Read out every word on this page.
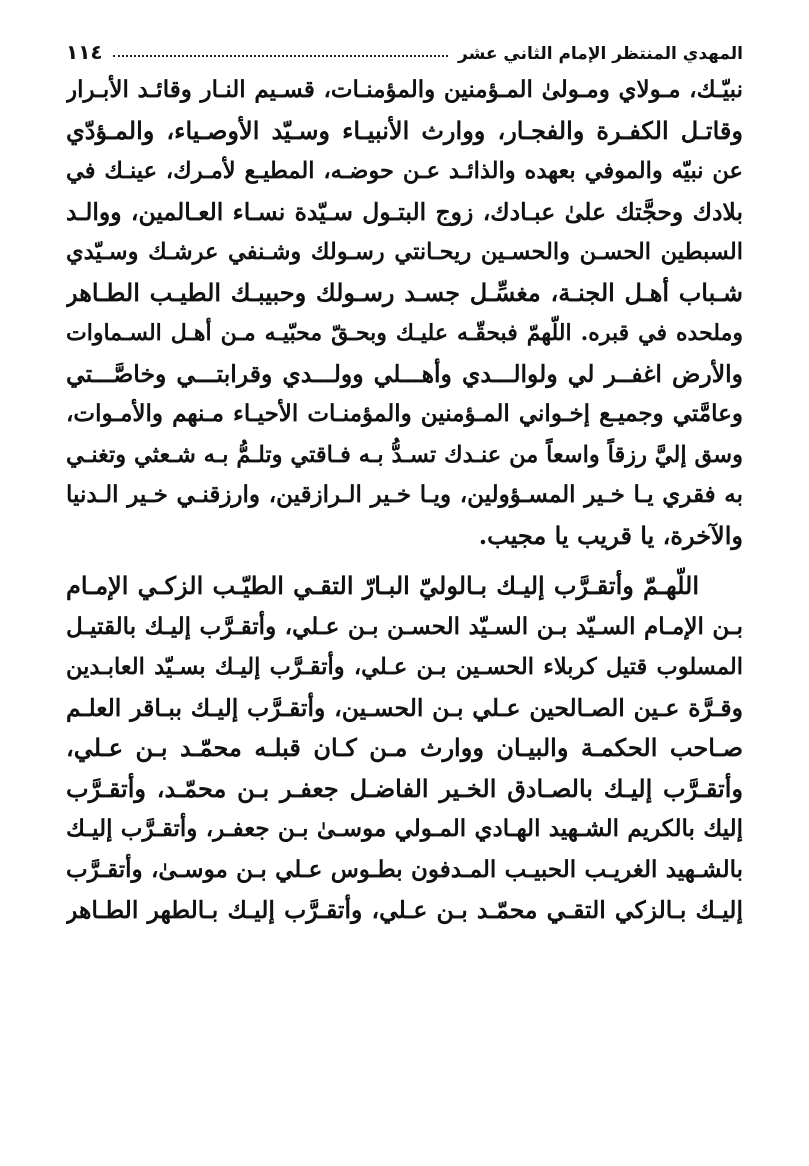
المهدي المنتظر الإمام الثاني عشر
١١٤
نبيّـك، مـولاي ومـولىٰ المـؤمنين والمؤمنـات، قسـيم النـار وقائـد الأبـرار
وقاتـل الكفـرة والفجـار، ووارث الأنبيـاء وسـيّد الأوصـياء، والمـؤدّي
عن نبيّه والموفي بعهده والذائـد عـن حوضـه، المطيـع لأمـرك، عينـك في
بلادك وحجَّتك علىٰ عبـادك، زوج البتـول سـيّدة نسـاء العـالمين، ووالـد
السبطين الحسـن والحسـين ريحـانتي رسـولك وشـنفي عرشـك وسـيّدي
شـباب أهـل الجنـة، مغسِّـل جسـد رسـولك وحبيبـك الطيـب الطـاهر
وملحده في قبره. اللّهمّ فبحقّـه عليـك وبحـقّ محبّيـه مـن أهـل السـماوات
والأرض اغفــر لي ولوالـــدي وأهـــلي وولـــدي وقرابتـــي وخاصَّـــتي
وعامَّتي وجميـع إخـواني المـؤمنين والمؤمنـات الأحيـاء مـنهم والأمـوات،
وسق إليَّ رزقاً واسعاً من عنـدك تسـدُّ بـه فـاقتي وتلـمُّ بـه شـعثي وتغنـي
به فقري يـا خـير المسـؤولين، ويـا خـير الـرازقين، وارزقنـي خـير الـدنيا
والآخرة، يا قريب يا مجيب.
اللّهـمّ وأتقـرَّب إليـك بـالوليّ البـارّ التقـي الطيّـب الزكـي الإمـام
بـن الإمـام السـيّد بـن السـيّد الحسـن بـن عـلي، وأتقـرَّب إليـك بالقتيـل
المسلوب قتيل كربلاء الحسـين بـن عـلي، وأتقـرَّب إليـك بسـيّد العابـدين
وقـرَّة عـين الصـالحين عـلي بـن الحسـين، وأتقـرَّب إليـك ببـاقر العلـم
صـاحب الحكمـة والبيـان ووارث مـن كـان قبلـه محمّـد بـن عـلي،
وأتقـرَّب إليـك بالصـادق الخـير الفاضـل جعفـر بـن محمّـد، وأتقـرَّب
إليك بالكريم الشـهيد الهـادي المـولي موسـىٰ بـن جعفـر، وأتقـرَّب إليـك
بالشـهيد الغريـب الحبيـب المـدفون بطـوس عـلي بـن موسـىٰ، وأتقـرَّب
إليـك بـالزكي التقـي محمّـد بـن عـلي، وأتقـرَّب إليـك بـالطهر الطـاهر
